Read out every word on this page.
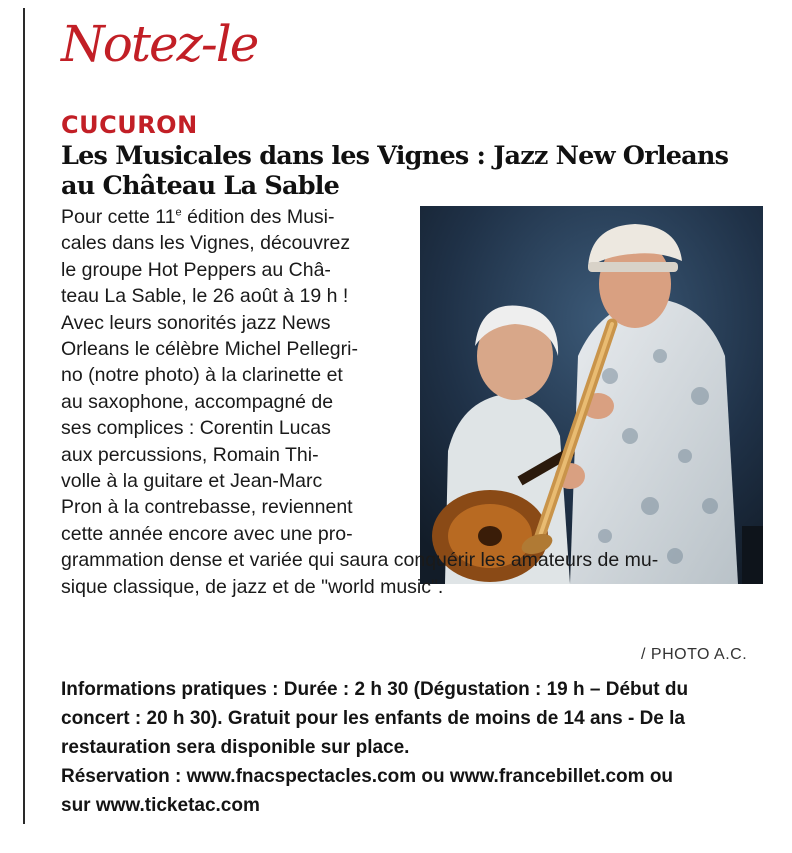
Notez-le
CUCURON
Les Musicales dans les Vignes : Jazz New Orleans
au Château La Sable
Pour cette 11e édition des Musi-
cales dans les Vignes, découvrez
le groupe Hot Peppers au Châ-
teau La Sable, le 26 août à 19 h !
Avec leurs sonorités jazz News
Orleans le célèbre Michel Pellegri-
no (notre photo) à la clarinette et
au saxophone, accompagné de
ses complices : Corentin Lucas
aux percussions, Romain Thi-
volle à la guitare et Jean-Marc
Pron à la contrebasse, reviennent
cette année encore avec une pro-
grammation dense et variée qui saura conquérir les amateurs de mu-
sique classique, de jazz et de "world music".
/ PHOTO A.C.
Informations pratiques : Durée : 2 h 30 (Dégustation : 19 h – Début du
concert : 20 h 30). Gratuit pour les enfants de moins de 14 ans - De la
restauration sera disponible sur place.
Réservation : www.fnacspectacles.com ou www.francebillet.com ou
sur www.ticketac.com
